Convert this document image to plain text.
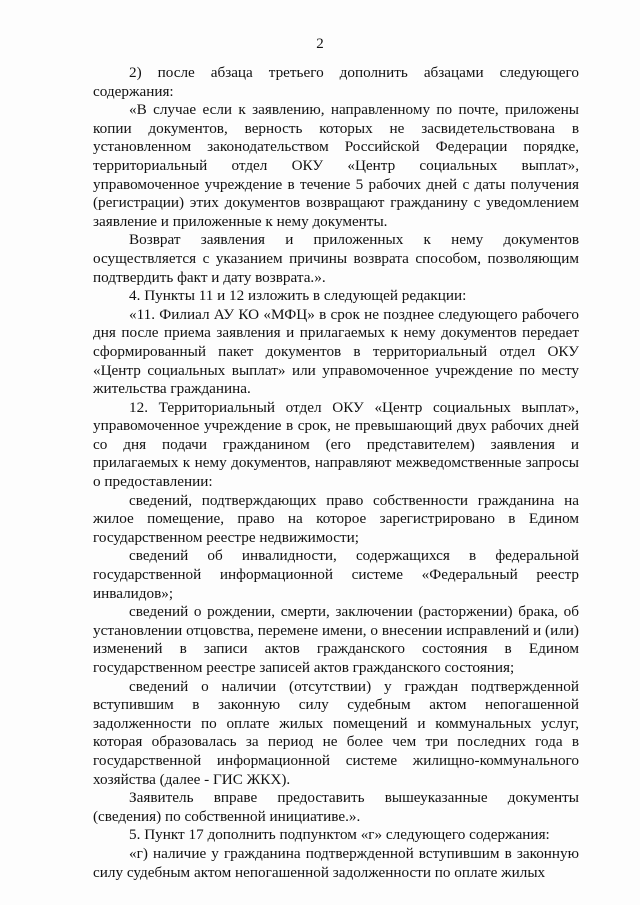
2

2) после абзаца третьего дополнить абзацами следующего содержания:

«В случае если к заявлению, направленному по почте, приложены копии документов, верность которых не засвидетельствована в установленном законодательством Российской Федерации порядке, территориальный отдел ОКУ «Центр социальных выплат», управомоченное учреждение в течение 5 рабочих дней с даты получения (регистрации) этих документов возвращают гражданину с уведомлением заявление и приложенные к нему документы.

Возврат заявления и приложенных к нему документов осуществляется с указанием причины возврата способом, позволяющим подтвердить факт и дату возврата.».

4. Пункты 11 и 12 изложить в следующей редакции:

«11. Филиал АУ КО «МФЦ» в срок не позднее следующего рабочего дня после приема заявления и прилагаемых к нему документов передает сформированный пакет документов в территориальный отдел ОКУ «Центр социальных выплат» или управомоченное учреждение по месту жительства гражданина.

12. Территориальный отдел ОКУ «Центр социальных выплат», управомоченное учреждение в срок, не превышающий двух рабочих дней со дня подачи гражданином (его представителем) заявления и прилагаемых к нему документов, направляют межведомственные запросы о предоставлении:

сведений, подтверждающих право собственности гражданина на жилое помещение, право на которое зарегистрировано в Едином государственном реестре недвижимости;

сведений об инвалидности, содержащихся в федеральной государственной информационной системе «Федеральный реестр инвалидов»;

сведений о рождении, смерти, заключении (расторжении) брака, об установлении отцовства, перемене имени, о внесении исправлений и (или) изменений в записи актов гражданского состояния в Едином государственном реестре записей актов гражданского состояния;

сведений о наличии (отсутствии) у граждан подтвержденной вступившим в законную силу судебным актом непогашенной задолженности по оплате жилых помещений и коммунальных услуг, которая образовалась за период не более чем три последних года в государственной информационной системе жилищно-коммунального хозяйства (далее - ГИС ЖКХ).

Заявитель вправе предоставить вышеуказанные документы (сведения) по собственной инициативе.».

5. Пункт 17 дополнить подпунктом «г» следующего содержания:

«г) наличие у гражданина подтвержденной вступившим в законную силу судебным актом непогашенной задолженности по оплате жилых
